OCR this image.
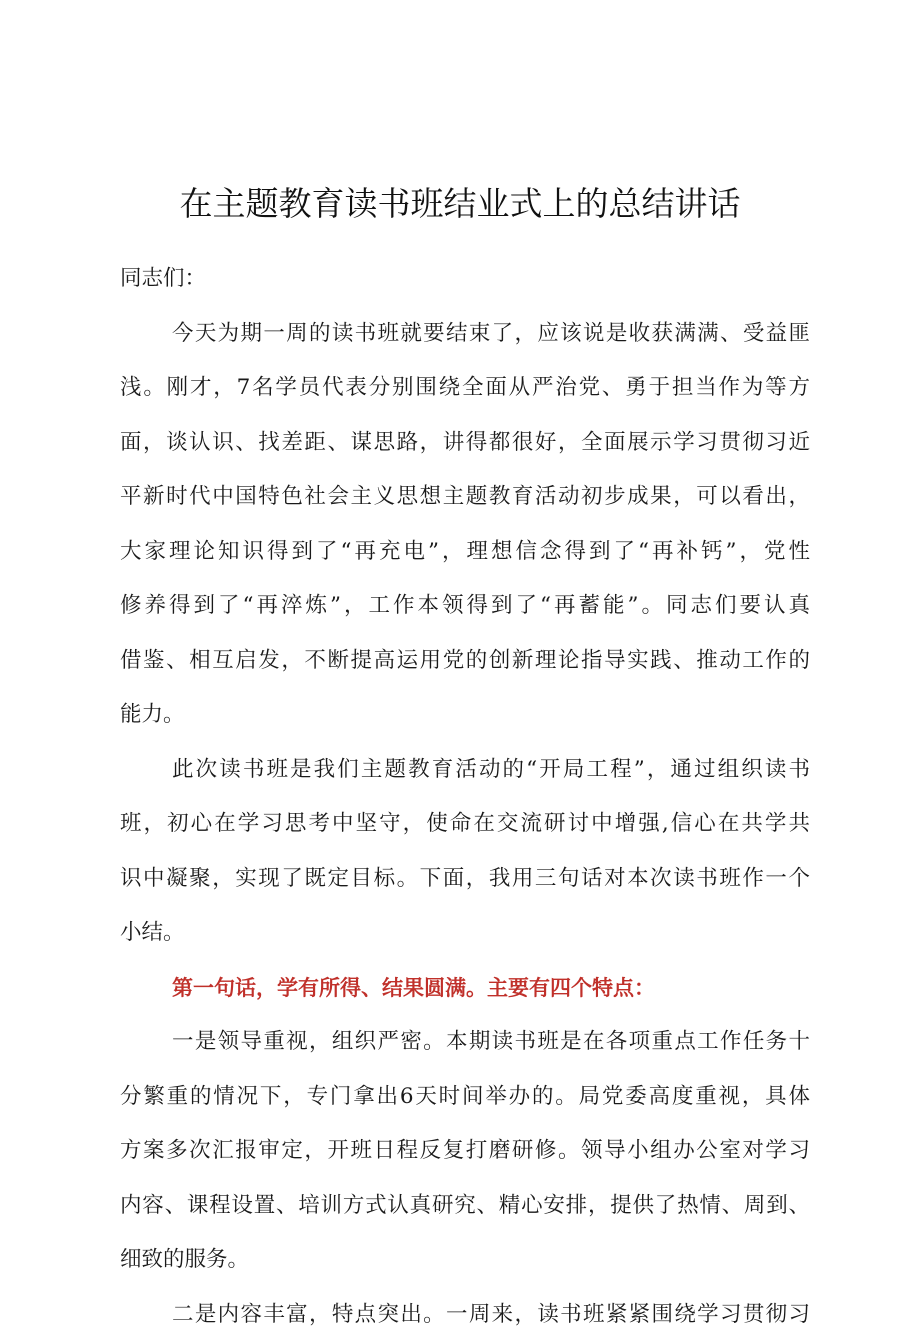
在主题教育读书班结业式上的总结讲话
同志们：
今天为期一周的读书班就要结束了，应该说是收获满满、受益匪
浅。刚才，7名学员代表分别围绕全面从严治党、勇于担当作为等方
面，谈认识、找差距、谋思路，讲得都很好，全面展示学习贯彻习近
平新时代中国特色社会主义思想主题教育活动初步成果，可以看出，
大家理论知识得到了“再充电”，理想信念得到了“再补钙”，党性
修养得到了“再淬炼”，工作本领得到了“再蓄能”。同志们要认真
借鉴、相互启发，不断提高运用党的创新理论指导实践、推动工作的
能力。
此次读书班是我们主题教育活动的“开局工程”，通过组织读书
班，初心在学习思考中坚守，使命在交流研讨中增强,信心在共学共
识中凝聚，实现了既定目标。下面，我用三句话对本次读书班作一个
小结。
第一句话，学有所得、结果圆满。主要有四个特点：
一是领导重视，组织严密。本期读书班是在各项重点工作任务十
分繁重的情况下，专门拿出6天时间举办的。局党委高度重视，具体
方案多次汇报审定，开班日程反复打磨研修。领导小组办公室对学习
内容、课程设置、培训方式认真研究、精心安排，提供了热情、周到、
细致的服务。
二是内容丰富，特点突出。一周来，读书班紧紧围绕学习贯彻习
